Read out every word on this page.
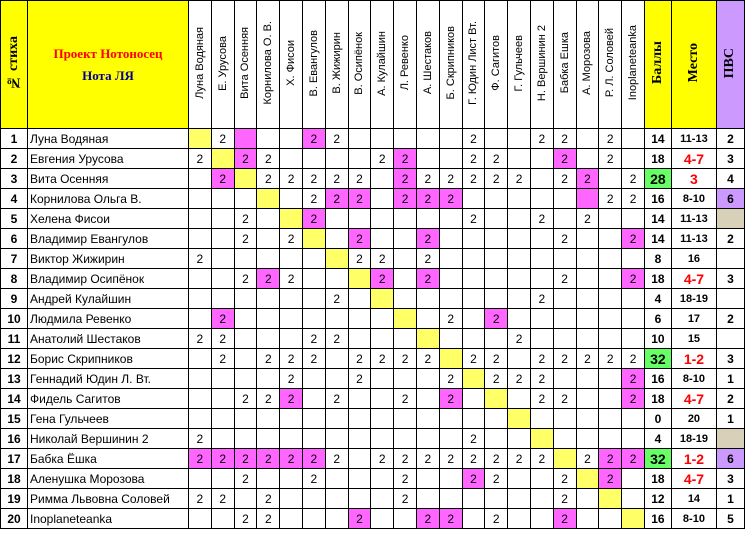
№ стиха	Проект Нотоносец
Нота ЛЯ	Луна Водяная	Е. Урусова	Вита Осенняя	Корнилова О. В.	Х. Фисои	В. Евангулов	В. Жижирин	В. Осипёнок	А. Кулайшин	Л. Ревенко	А. Шестаков	Б. Скрипников	Г. Юдин Лист Вт.	Ф. Сагитов	Г. Гульчеев	Н. Вершинин 2	Бабка Ешка	А. Морозова	Р. Л. Соловей	Inoplaneteanka	Баллы	Место	ПВС
1	Луна Водяная		2				2	2						2			2	2		2		14	11-13	2
2	Евгения Урусова	2		2	2					2	2			2	2			2		2		18	4-7	3
3	Вита Осенняя		2		2	2	2	2	2		2	2	2	2	2	2		2	2		2	28	3	4
4	Корнилова Ольга В.						2	2	2		2	2	2							2	2	16	8-10	6
5	Хелена Фисои			2			2							2			2		2			14	11-13	
6	Владимир Евангулов			2		2			2			2						2			2	14	11-13	2
7	Виктор Жижирин	2							2	2		2										8	16	
8	Владимир Осипёнок			2	2	2				2		2						2			2	18	4-7	3
9	Андрей Кулайшин							2									2					4	18-19	
10	Людмила Ревенко		2										2		2							6	17	2
11	Анатолий Шестаков	2	2				2	2								2						10	15	
12	Борис Скрипников		2		2	2	2		2	2	2	2		2	2		2	2	2	2	2	32	1-2	3
13	Геннадий Юдин Л. Вт.					2			2				2		2	2	2				2	16	8-10	1
14	Фидель Сагитов			2	2	2		2			2		2				2	2			2	18	4-7	2
15	Гена Гульчеев																					0	20	1
16	Николай Вершинин 2	2												2								4	18-19	
17	Бабка Ёшка	2	2	2	2	2	2	2		2	2	2	2	2	2	2	2		2	2	2	32	1-2	6
18	Аленушка Морозова			2			2				2			2	2			2		2		18	4-7	3
19	Римма Львовна Соловей	2	2		2						2							2				12	14	1
20	Inoplaneteanka			2	2				2			2	2		2			2				16	8-10	5
